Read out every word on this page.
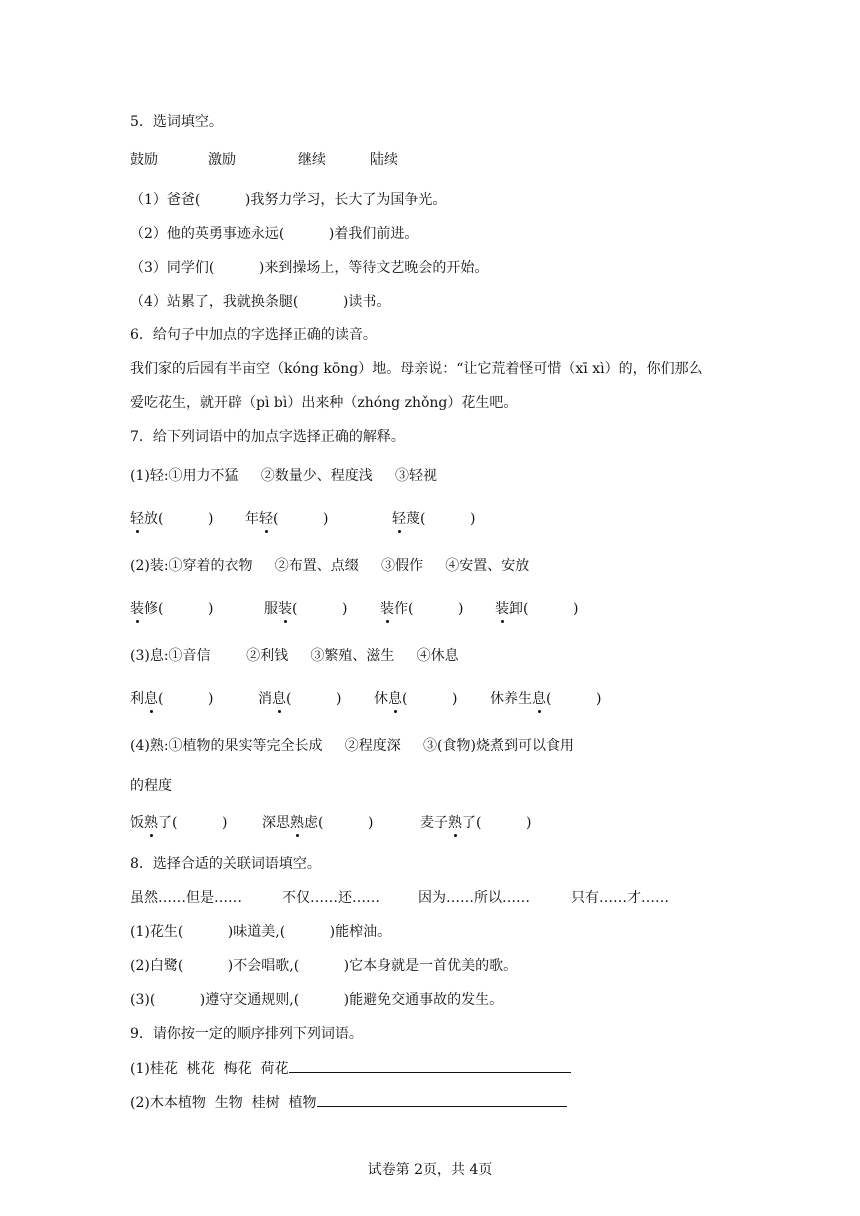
5．选词填空。
鼓励	激励	继续	陆续
（1）爸爸(          )我努力学习，长大了为国争光。
（2）他的英勇事迹永远(          )着我们前进。
（3）同学们(          )来到操场上，等待文艺晚会的开始。
（4）站累了，我就换条腿(          )读书。
6．给句子中加点的字选择正确的读音。
我们家的后园有半亩空（kóng kōng）地。母亲说：“让它荒着怪可惜（xī xì）的，你们那么
爱吃花生，就开辟（pì bì）出来种（zhóng zhǒng）花生吧。
7．给下列词语中的加点字选择正确的解释。
(1)轻:①用力不猛     ②数量少、程度浅     ③轻视
轻放(          ) 年轻(          )	轻蔑(          )
(2)装:①穿着的衣物     ②布置、点缀     ③假作     ④安置、安放
装修(          )	服装(          ) 装作(          ) 装卸(          )
(3)息:①音信        ②利钱     ③繁殖、滋生     ④休息
利息(          )	消息(          ) 休息(          ) 休养生息(          )
(4)熟:①植物的果实等完全长成     ②程度深     ③(食物)烧煮到可以食用
的程度
饭熟了(          ) 深思熟虑(          )	麦子熟了(          )
8．选择合适的关联词语填空。
虽然……但是……	不仅……还……	因为……所以……	只有……才……
(1)花生(          )味道美,(          )能榨油。
(2)白鹭(          )不会唱歌,(          )它本身就是一首优美的歌。
(3)(          )遵守交通规则,(          )能避免交通事故的发生。
9．请你按一定的顺序排列下列词语。
(1)桂花  桃花  梅花  荷花
(2)木本植物  生物  桂树  植物
试卷第 2页，共 4页
